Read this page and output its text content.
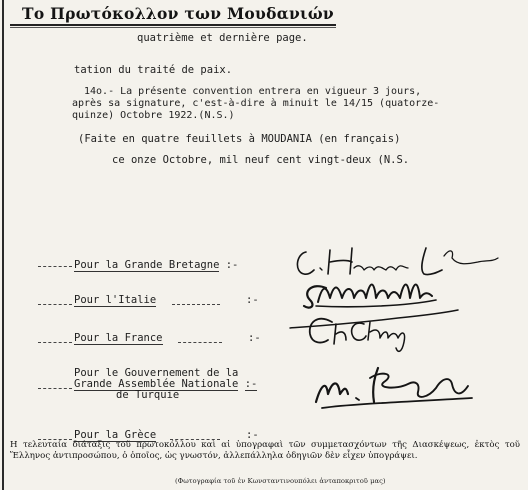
Το Πρωτόκολλον των Μουδανιών
quatrième et dernière page.
tation du traité de paix.
14o.- La présente convention entrera en vigueur 3 jours,
après sa signature, c'est-à-dire à minuit le 14/15 (quatorze-
quinze) Octobre 1922.(N.S.)
(Faite en quatre feuillets à MOUDANIA (en français)
ce onze Octobre, mil neuf cent vingt-deux (N.S.
Pour la Grande Bretagne :-
Pour l'Italie	:-
Pour la France	:-
Pour le Gouvernement de la
Grande Assemblée Nationale :-
de Turquie
Pour la Grèce	:-
Η τελευταία διάταξις τοῦ πρωτοκόλλου καὶ αἱ ὑπογραφαὶ τῶν συμμετασχόντων τῆς Διασκέψεως, ἐκτὸς τοῦ Ἕλληνος ἀντιπροσώπου, ὁ ὁποῖος, ὡς γνωστόν, ἀλλεπάλληλα ὁδηγιῶν δὲν εἶχεν ὑπογράψει.
(Φωτογραφία τοῦ ἐν Κωνσταντινουπόλει ἀνταποκριτοῦ μας)
